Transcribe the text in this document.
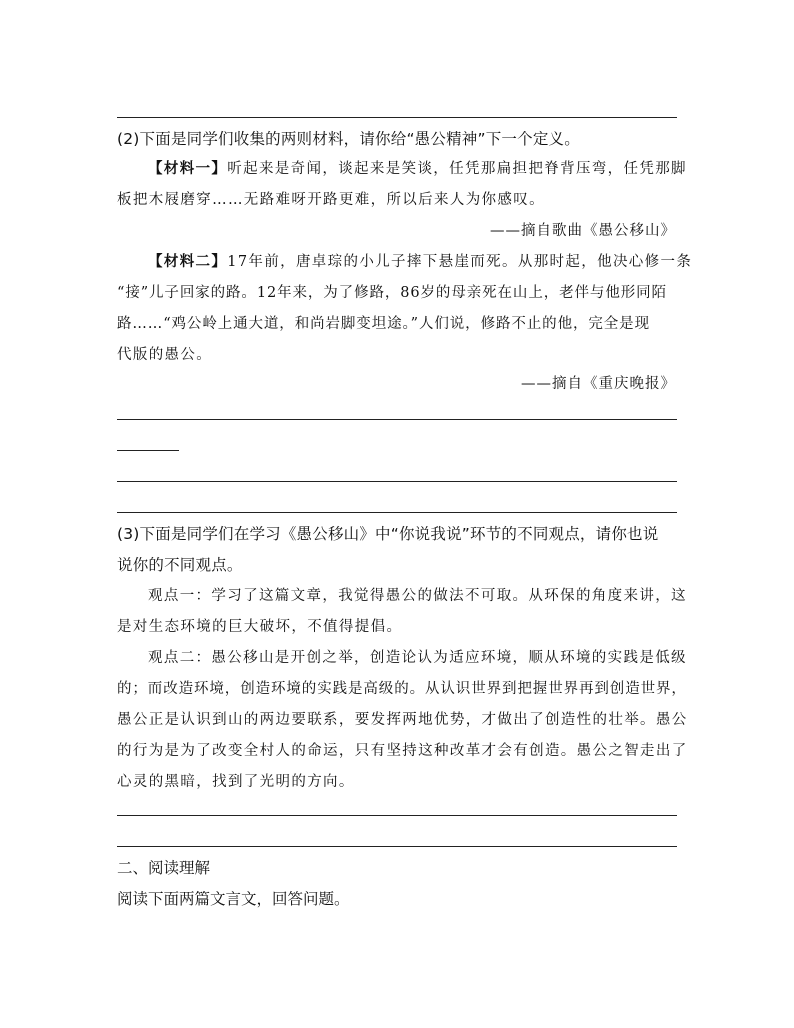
(2)下面是同学们收集的两则材料，请你给“愚公精神”下一个定义。
【材料一】听起来是奇闻，谈起来是笑谈，任凭那扁担把脊背压弯，任凭那脚
板把木屐磨穿……无路难呀开路更难，所以后来人为你感叹。
——摘自歌曲《愚公移山》
【材料二】17年前，唐卓琮的小儿子摔下悬崖而死。从那时起，他决心修一条
“接”儿子回家的路。12年来，为了修路，86岁的母亲死在山上，老伴与他形同陌
路……“鸡公岭上通大道，和尚岩脚变坦途。”人们说，修路不止的他，完全是现
代版的愚公。
——摘自《重庆晚报》
(3)下面是同学们在学习《愚公移山》中“你说我说”环节的不同观点，请你也说
说你的不同观点。
观点一：学习了这篇文章，我觉得愚公的做法不可取。从环保的角度来讲，这
是对生态环境的巨大破坏，不值得提倡。
观点二：愚公移山是开创之举，创造论认为适应环境，顺从环境的实践是低级
的；而改造环境，创造环境的实践是高级的。从认识世界到把握世界再到创造世界，
愚公正是认识到山的两边要联系，要发挥两地优势，才做出了创造性的壮举。愚公
的行为是为了改变全村人的命运，只有坚持这种改革才会有创造。愚公之智走出了
心灵的黑暗，找到了光明的方向。
二、阅读理解
阅读下面两篇文言文，回答问题。
